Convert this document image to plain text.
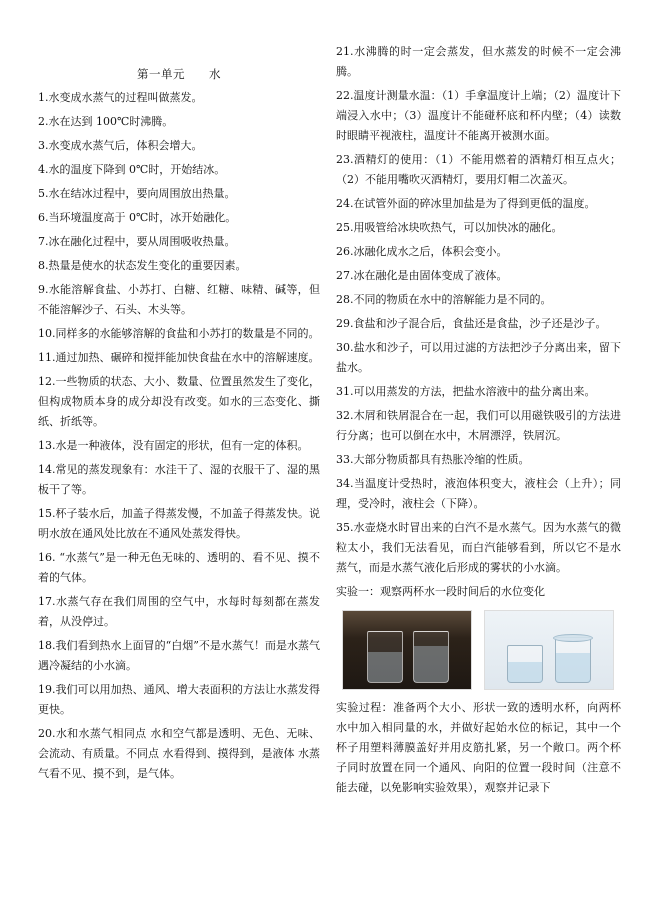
第一单元　　水

1.水变成水蒸气的过程叫做蒸发。

2.水在达到 100℃时沸腾。

3.水变成水蒸气后，体积会增大。

4.水的温度下降到 0℃时，开始结冰。

5.水在结冰过程中，要向周围放出热量。

6.当环境温度高于 0℃时，冰开始融化。

7.冰在融化过程中，要从周围吸收热量。

8.热量是使水的状态发生变化的重要因素。

9.水能溶解食盐、小苏打、白糖、红糖、味精、碱等，但不能溶解沙子、石头、木头等。

10.同样多的水能够溶解的食盐和小苏打的数量是不同的。

11.通过加热、碾碎和搅拌能加快食盐在水中的溶解速度。

12.一些物质的状态、大小、数量、位置虽然发生了变化，但构成物质本身的成分却没有改变。如水的三态变化、撕纸、折纸等。

13.水是一种液体，没有固定的形状，但有一定的体积。

14.常见的蒸发现象有：水洼干了、湿的衣服干了、湿的黑板干了等。

15.杯子装水后，加盖子得蒸发慢，不加盖子得蒸发快。说明水放在通风处比放在不通风处蒸发得快。

16. “水蒸气”是一种无色无味的、透明的、看不见、摸不着的气体。

17.水蒸气存在我们周围的空气中，水每时每刻都在蒸发着，从没停过。

18.我们看到热水上面冒的“白烟”不是水蒸气！而是水蒸气遇冷凝结的小水滴。

19.我们可以用加热、通风、增大表面积的方法让水蒸发得更快。

20.水和水蒸气相同点 水和空气都是透明、无色、无味、会流动、有质量。不同点 水看得到、摸得到，是液体 水蒸气看不见、摸不到，是气体。

21.水沸腾的时一定会蒸发，但水蒸发的时候不一定会沸腾。

22.温度计测量水温：（1）手拿温度计上端；（2）温度计下端浸入水中；（3）温度计不能碰杯底和杯内壁；（4）读数时眼睛平视液柱，温度计不能离开被测水面。

23.酒精灯的使用：（1）不能用燃着的酒精灯相互点火；（2）不能用嘴吹灭酒精灯，要用灯帽二次盖灭。

24.在试管外面的碎冰里加盐是为了得到更低的温度。

25.用吸管给冰块吹热气，可以加快冰的融化。

26.冰融化成水之后，体积会变小。

27.冰在融化是由固体变成了液体。

28.不同的物质在水中的溶解能力是不同的。

29.食盐和沙子混合后，食盐还是食盐，沙子还是沙子。

30.盐水和沙子，可以用过滤的方法把沙子分离出来，留下盐水。

31.可以用蒸发的方法，把盐水溶液中的盐分离出来。

32.木屑和铁屑混合在一起，我们可以用磁铁吸引的方法进行分离；也可以倒在水中，木屑漂浮，铁屑沉。

33.大部分物质都具有热胀冷缩的性质。

34.当温度计受热时，液泡体积变大，液柱会（上升）；同理，受冷时，液柱会（下降）。

35.水壶烧水时冒出来的白汽不是水蒸气。因为水蒸气的微粒太小，我们无法看见，而白汽能够看到，所以它不是水蒸气，而是水蒸气液化后形成的雾状的小水滴。

实验一：观察两杯水一段时间后的水位变化

实验过程：准备两个大小、形状一致的透明水杯，向两杯水中加入相同量的水，并做好起始水位的标记，其中一个杯子用塑料薄膜盖好并用皮筋扎紧，另一个敞口。两个杯子同时放置在同一个通风、向阳的位置一段时间（注意不能去碰，以免影响实验效果），观察并记录下
